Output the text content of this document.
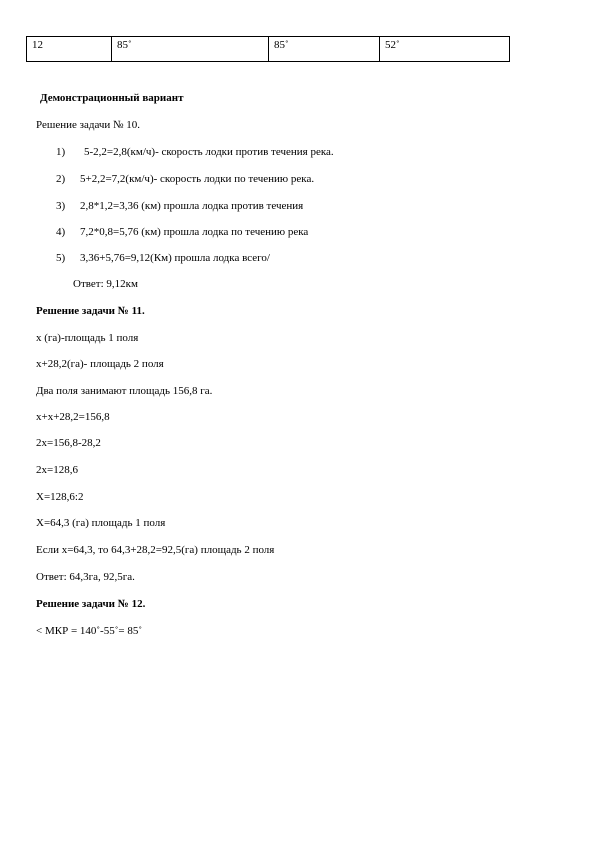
12	85˚	85˚	52˚
Демонстрационный вариант
Решение задачи № 10.
1) 5-2,2=2,8(км/ч)- скорость лодки против течения река.
2) 5+2,2=7,2(км/ч)- скорость лодки по течению река.
3) 2,8*1,2=3,36 (км) прошла лодка против течения
4) 7,2*0,8=5,76 (км) прошла лодка по течению река
5) 3,36+5,76=9,12(Км) прошла лодка всего/
Ответ: 9,12км
Решение задачи № 11.
х (га)-площадь 1 поля
х+28,2(га)- площадь 2 поля
Два поля занимают площадь 156,8 га.
х+х+28,2=156,8
2х=156,8-28,2
2х=128,6
Х=128,6:2
Х=64,3 (га) площадь 1 поля
Если х=64,3, то 64,3+28,2=92,5(га) площадь 2 поля
Ответ: 64,3га, 92,5га.
Решение задачи № 12.
< МКР = 140˚-55˚= 85˚
